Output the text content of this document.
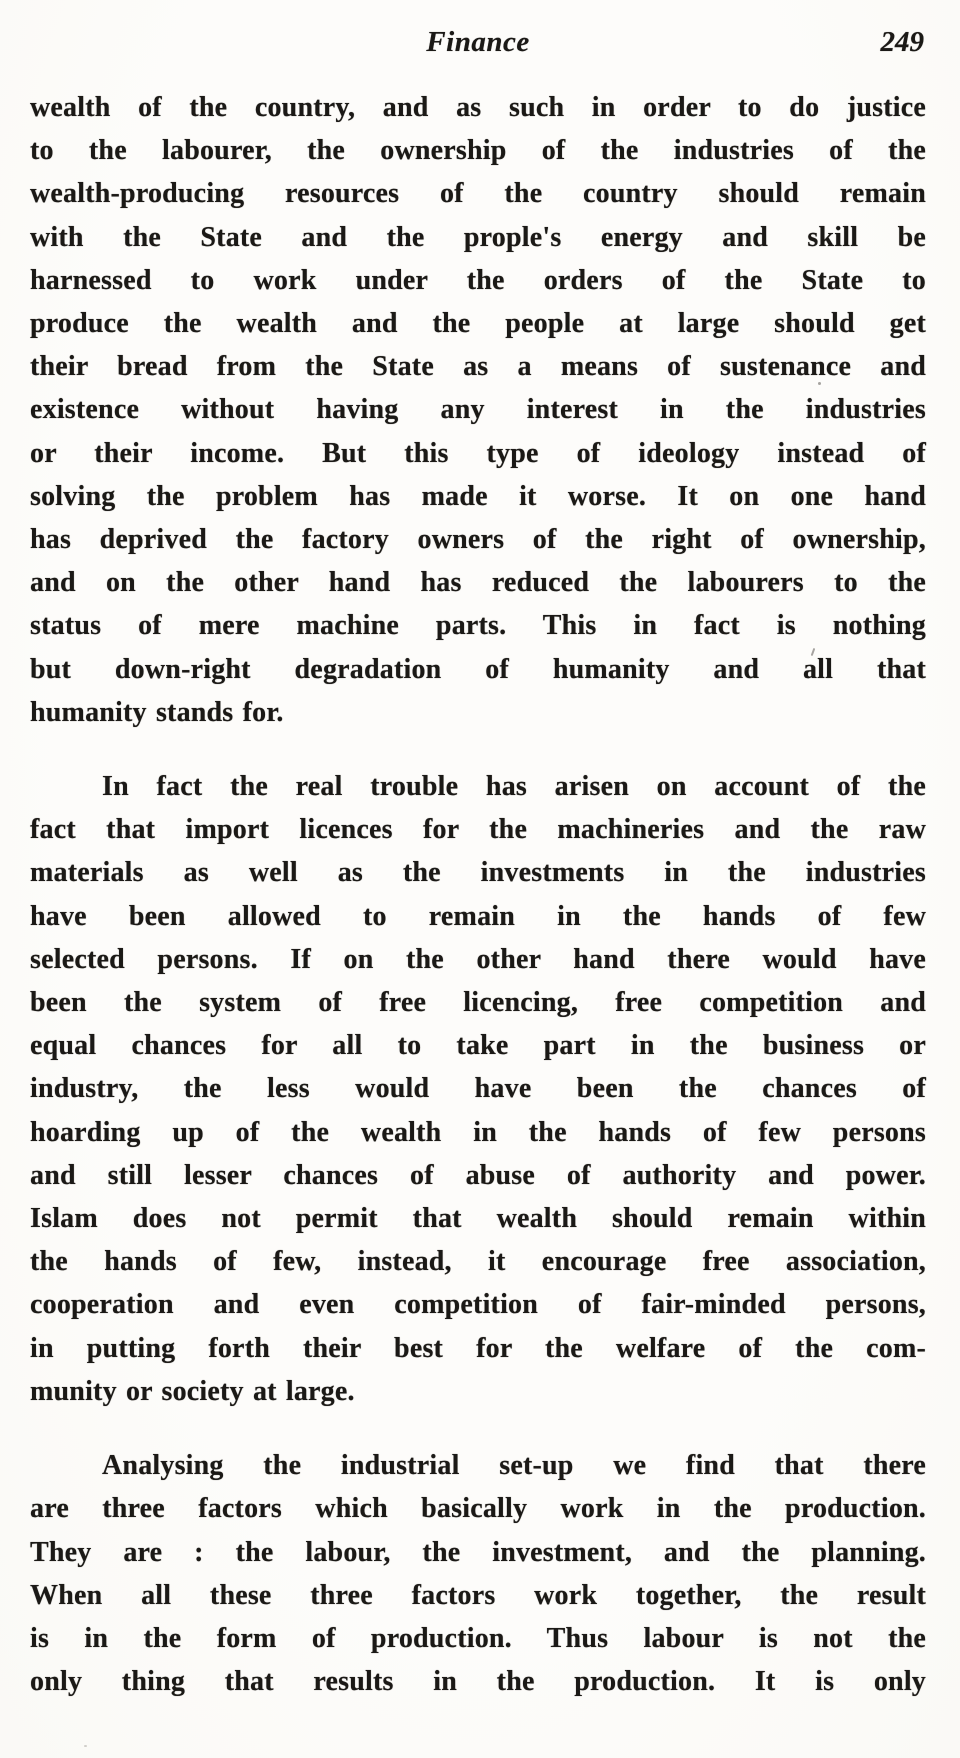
Finance	249
wealth of the country, and as such in order to do justice
to the labourer, the ownership of the industries of the
wealth-producing resources of the country should remain
with the State and the prople's energy and skill be
harnessed to work under the orders of the State to
produce the wealth and the people at large should get
their bread from the State as a means of sustenance and
existence without having any interest in the industries
or their income. But this type of ideology instead of
solving the problem has made it worse. It on one hand
has deprived the factory owners of the right of ownership,
and on the other hand has reduced the labourers to the
status of mere machine parts. This in fact is nothing
but down-right degradation of humanity and all that
humanity stands for.
In fact the real trouble has arisen on account of the
fact that import licences for the machineries and the raw
materials as well as the investments in the industries
have been allowed to remain in the hands of few
selected persons. If on the other hand there would have
been the system of free licencing, free competition and
equal chances for all to take part in the business or
industry, the less would have been the chances of
hoarding up of the wealth in the hands of few persons
and still lesser chances of abuse of authority and power.
Islam does not permit that wealth should remain within
the hands of few, instead, it encourage free association,
cooperation and even competition of fair-minded persons,
in putting forth their best for the welfare of the com-
munity or society at large.
Analysing the industrial set-up we find that there
are three factors which basically work in the production.
They are : the labour, the investment, and the planning.
When all these three factors work together, the result
is in the form of production. Thus labour is not the
only thing that results in the production. It is only
